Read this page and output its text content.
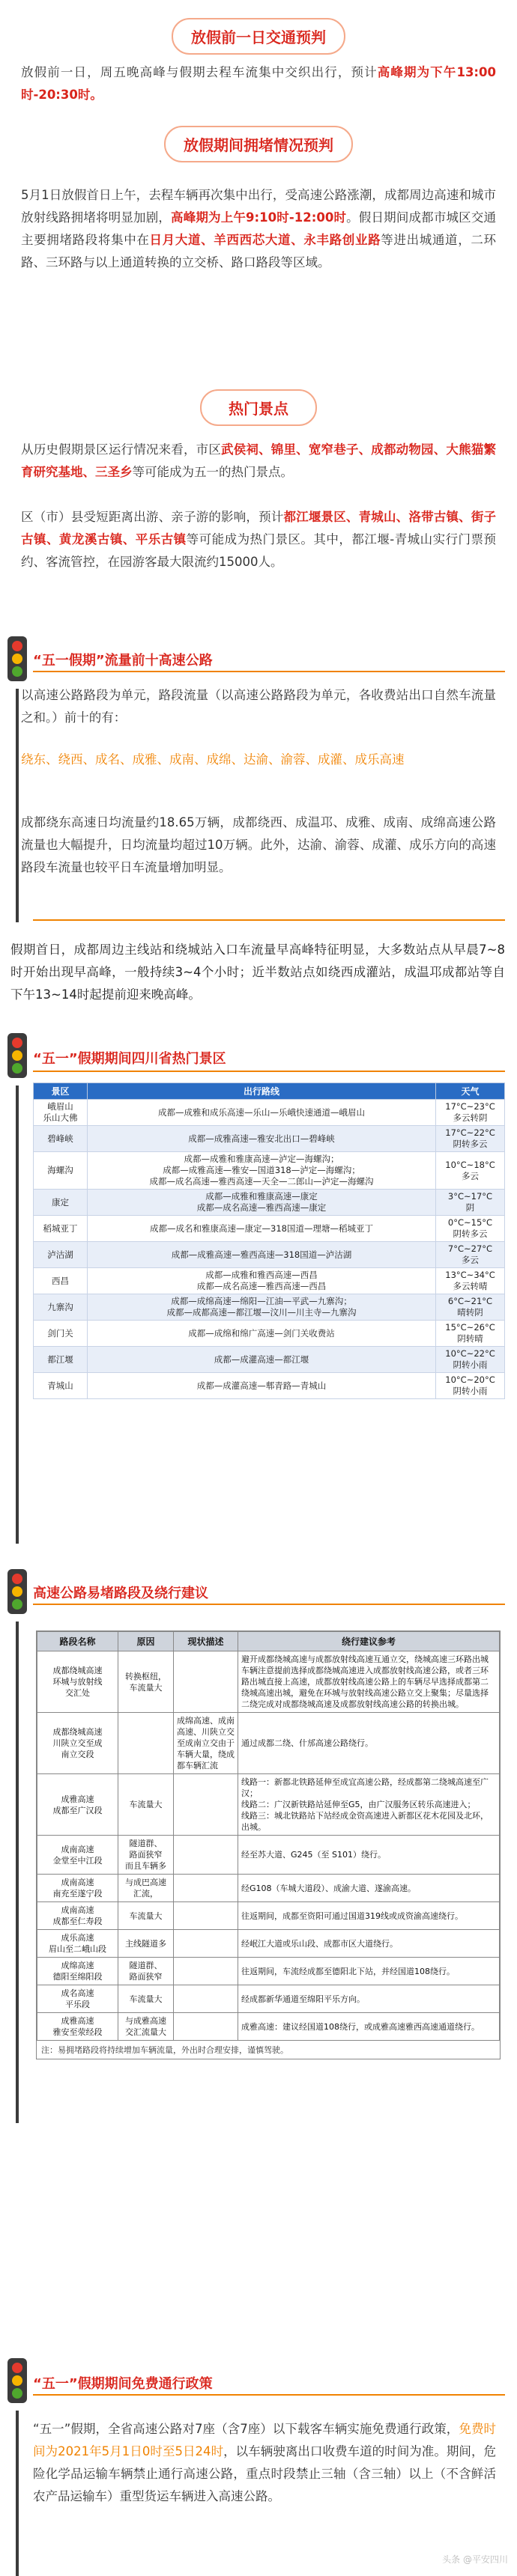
放假前一日交通预判

放假前一日，周五晚高峰与假期去程车流集中交织出行，预计高峰期为下午13:00时-20:30时。

放假期间拥堵情况预判

5月1日放假首日上午，去程车辆再次集中出行，受高速公路涨潮，成都周边高速和城市放射线路拥堵将明显加剧，高峰期为上午9:10时-12:00时。假日期间成都市城区交通主要拥堵路段将集中在日月大道、羊西西芯大道、永丰路创业路等进出城通道，二环路、三环路与以上通道转换的立交桥、路口路段等区域。

热门景点

从历史假期景区运行情况来看，市区武侯祠、锦里、宽窄巷子、成都动物园、大熊猫繁育研究基地、三圣乡等可能成为五一的热门景点。

区（市）县受短距离出游、亲子游的影响，预计都江堰景区、青城山、洛带古镇、街子古镇、黄龙溪古镇、平乐古镇等可能成为热门景区。其中，都江堰-青城山实行门票预约、客流管控，在园游客最大限流约15000人。

“五一假期”流量前十高速公路

以高速公路路段为单元，路段流量（以高速公路路段为单元，各收费站出口自然车流量之和。）前十的有：

绕东、绕西、成名、成雅、成南、成绵、达渝、渝蓉、成灌、成乐高速

成都绕东高速日均流量约18.65万辆，成都绕西、成温邛、成雅、成南、成绵高速公路流量也大幅提升，日均流量均超过10万辆。此外，达渝、渝蓉、成灌、成乐方向的高速路段车流量也较平日车流量增加明显。

假期首日，成都周边主线站和绕城站入口车流量早高峰特征明显，大多数站点从早晨7~8时开始出现早高峰，一般持续3~4个小时；近半数站点如绕西成灌站，成温邛成都站等自下午13~14时起提前迎来晚高峰。

“五一”假期期间四川省热门景区
景区	出行路线	天气
峨眉山
乐山大佛	成都—成雅和成乐高速—乐山—乐峨快速通道—峨眉山	17°C~23°C
多云转阴
碧峰峡	成都—成雅高速—雅安北出口—碧峰峡	17°C~22°C
阴转多云
海螺沟	成都—成雅和雅康高速—泸定—海螺沟；
成都—成雅高速—雅安—国道318—泸定—海螺沟；
成都—成名高速—雅西高速—天全—二郎山—泸定—海螺沟	10°C~18°C
多云
康定	成都—成雅和雅康高速—康定
成都—成名高速—雅西高速—康定	3°C~17°C
阴
稻城亚丁	成都—成名和雅康高速—康定—318国道—理塘—稻城亚丁	0°C~15°C
阴转多云
泸沽湖	成都—成雅高速—雅西高速—318国道—泸沽湖	7°C~27°C
多云
西昌	成都—成雅和雅西高速—西昌
成都—成名高速—雅西高速—西昌	13°C~34°C
多云转晴
九寨沟	成都—成绵高速—绵阳—江油—平武—九寨沟；
成都—成都高速—都江堰—汶川—川主寺—九寨沟	6°C~21°C
晴转阴
剑门关	成都—成绵和绵广高速—剑门关收费站	15°C~26°C
阴转晴
都江堰	成都—成灌高速—都江堰	10°C~22°C
阴转小雨
青城山	成都—成灌高速—郫青路—青城山	10°C~20°C
阴转小雨
高速公路易堵路段及绕行建议
路段名称	原因	现状描述	绕行建议参考
成都绕城高速
环城与放射线
交汇处	转换枢纽，
车流量大		避开成都绕城高速与成都放射线高速互通立交，绕城高速三环路出城车辆注意提前选择成都绕城高速进入成都放射线高速公路，或者三环路出城直接上高速，成都放射线高速公路上的车辆尽早选择成都第二绕城高速出城，避免在环城与放射线高速公路立交上聚集；尽量选择二绕完成对成都绕城高速及成都放射线高速公路的转换出城。
成都绕城高速
川陕立交至成
南立交段		成绵高速、成南高速、川陕立交至成南立交由于车辆大量，绕成都车辆汇流	通过成都二绕、什邡高速公路绕行。
成雅高速
成都至广汉段	车流量大		线路一：新都北铁路延伸至成宜高速公路，经成都第二绕城高速至广汉；
线路二：广汉新铁路站延伸至G5，由广汉服务区转乐高速进入；
线路三：城北铁路站下站经成金资高速进入新都区花木花园及北环，出城。
成南高速
金堂至中江段	隧道群、
路面狭窄
而且车辆多		经至苏大道、G245（至 S101）绕行。
成南高速
南充至遂宁段	与成巴高速
汇流，		经G108（车城大道段）、成渝大道、遂渝高速。
成南高速
成都至仁寿段	车流量大		往返期间，成都至资阳可通过国道319线或成资渝高速绕行。
成乐高速
眉山至二峨山段	主线隧道多		经岷江大道或乐山段、成都市区大道绕行。
成绵高速
德阳至绵阳段	隧道群、
路面狭窄		往返期间，车流经成都至德阳北下站，并经国道108绕行。
成名高速
平乐段	车流量大		经成都新华通道至绵阳平乐方向。
成雅高速
雅安至荥经段	与成雅高速
交汇流量大		成雅高速：建议经国道108绕行，或成雅高速雅西高速通道绕行。
注：易拥堵路段将持续增加车辆流量，外出时合理安排，谨慎驾驶。
“五一”假期期间免费通行政策

“五一”假期，全省高速公路对7座（含7座）以下载客车辆实施免费通行政策，免费时间为2021年5月1日0时至5日24时，以车辆驶离出口收费车道的时间为准。期间，危险化学品运输车辆禁止通行高速公路，重点时段禁止三轴（含三轴）以上（不含鲜活农产品运输车）重型货运车辆进入高速公路。

头条 @平安四川
